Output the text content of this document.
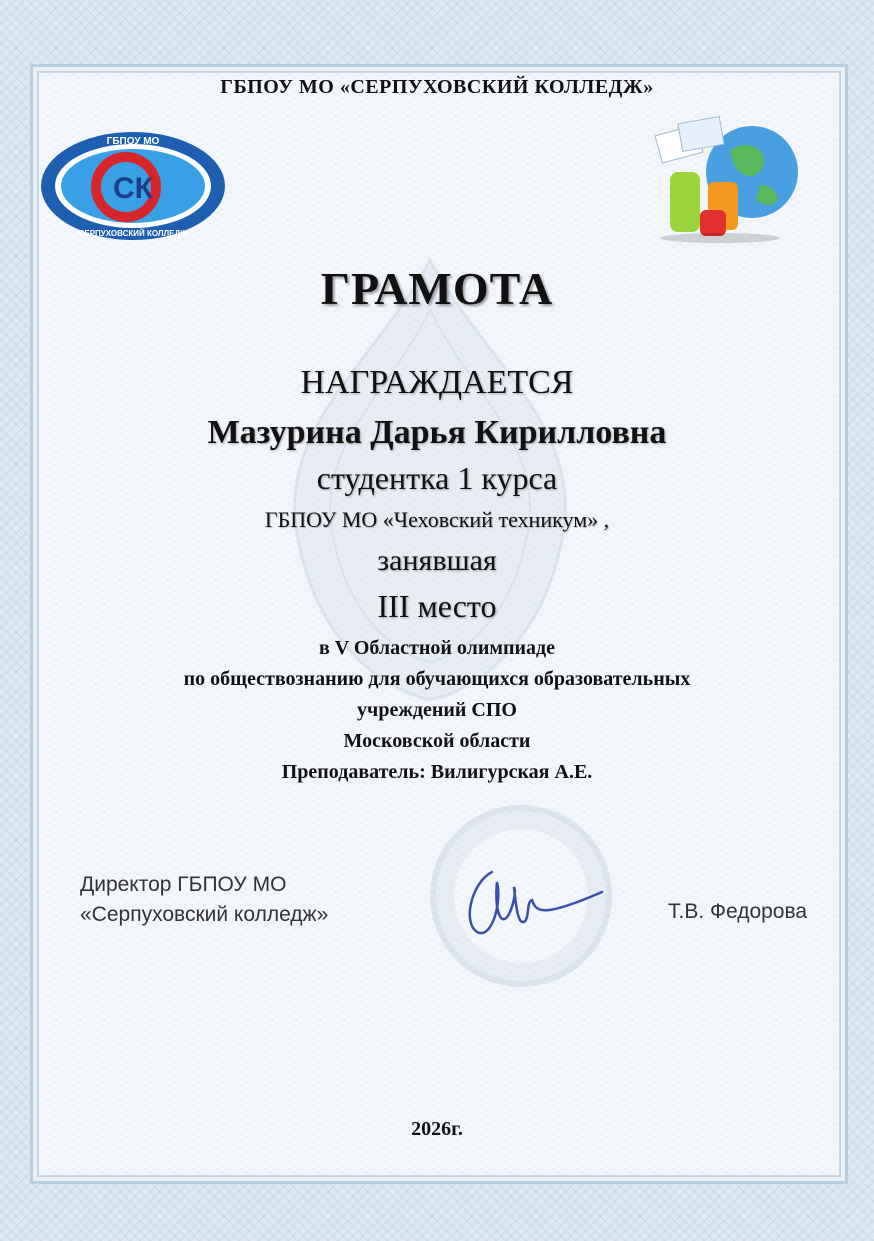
ГБПОУ МО «СЕРПУХОВСКИЙ КОЛЛЕДЖ»
СК
ГБПОУ МО
СЕРПУХОВСКИЙ КОЛЛЕДЖ
ГРАМОТА
НАГРАЖДАЕТСЯ
Мазурина Дарья Кирилловна
студентка 1 курса
ГБПОУ МО «Чеховский техникум» ,
занявшая
III место
в V Областной олимпиаде
по обществознанию для обучающихся образовательных
учреждений СПО
Московской области
Преподаватель: Вилигурская А.Е.
Директор ГБПОУ МО
«Серпуховский колледж»	Т.В. Федорова
2026г.
